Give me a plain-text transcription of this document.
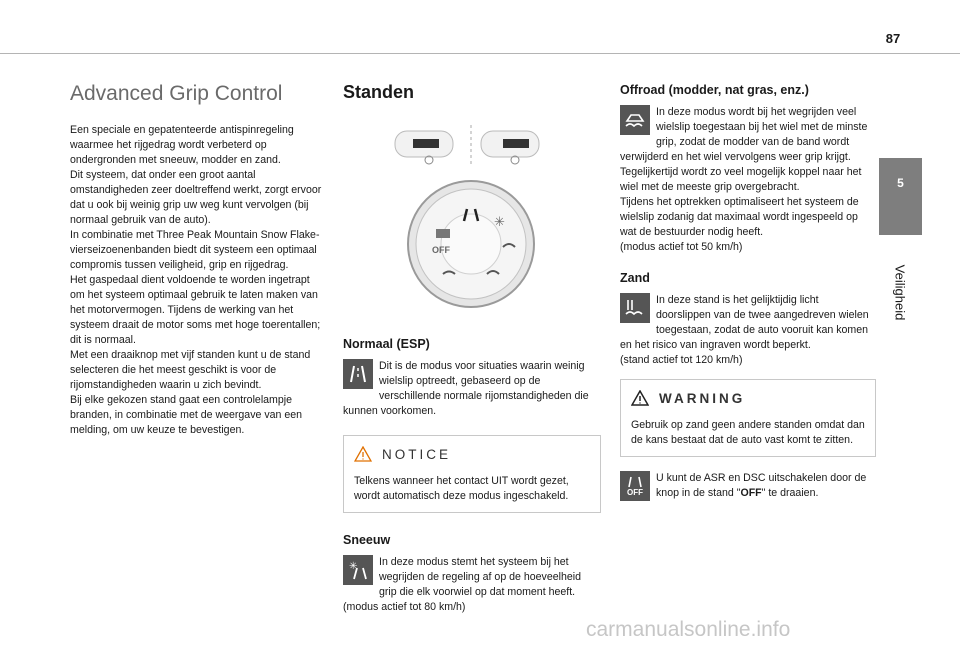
87
5
Veiligheid
Advanced Grip Control

Een speciale en gepatenteerde antispinregeling waarmee het rijgedrag wordt verbeterd op ondergronden met sneeuw, modder en zand.
Dit systeem, dat onder een groot aantal omstandigheden zeer doeltreffend werkt, zorgt ervoor dat u ook bij weinig grip uw weg kunt vervolgen (bij normaal gebruik van de auto).
In combinatie met Three Peak Mountain Snow Flake-vierseizoenenbanden biedt dit systeem een optimaal compromis tussen veiligheid, grip en rijgedrag.
Het gaspedaal dient voldoende te worden ingetrapt om het systeem optimaal gebruik te laten maken van het motorvermogen. Tijdens de werking van het systeem draait de motor soms met hoge toerentallen; dit is normaal.
Met een draaiknop met vijf standen kunt u de stand selecteren die het meest geschikt is voor de rijomstandigheden waarin u zich bevindt.
Bij elke gekozen stand gaat een controlelampje branden, in combinatie met de weergave van een melding, om uw keuze te bevestigen.

Standen
✳
OFF
Normaal (ESP)

Dit is de modus voor situaties waarin weinig wielslip optreedt, gebaseerd op de verschillende normale rijomstandigheden die kunnen voorkomen.

NOTICE

Telkens wanneer het contact UIT wordt gezet, wordt automatisch deze modus ingeschakeld.

Sneeuw
✳	In deze modus stemt het systeem bij het wegrijden de regeling af op de hoeveelheid grip die elk voorwiel op dat moment heeft.
(modus actief tot 80 km/h)

Offroad (modder, nat gras, enz.)

In deze modus wordt bij het wegrijden veel wielslip toegestaan bij het wiel met de minste grip, zodat de modder van de band wordt verwijderd en het wiel vervolgens weer grip krijgt.
Tegelijkertijd wordt zo veel mogelijk koppel naar het wiel met de meeste grip overgebracht.
Tijdens het optrekken optimaliseert het systeem de wielslip zodanig dat maximaal wordt ingespeeld op wat de bestuurder nodig heeft.
(modus actief tot 50 km/h)

Zand

In deze stand is het gelijktijdig licht doorslippen van de twee aangedreven wielen toegestaan, zodat de auto vooruit kan komen en het risico van ingraven wordt beperkt.
(stand actief tot 120 km/h)

WARNING

Gebruik op zand geen andere standen omdat dan de kans bestaat dat de auto vast komt te zitten.

OFF

U kunt de ASR en DSC uitschakelen door de knop in de stand "OFF" te draaien.

carmanualsonline.info
